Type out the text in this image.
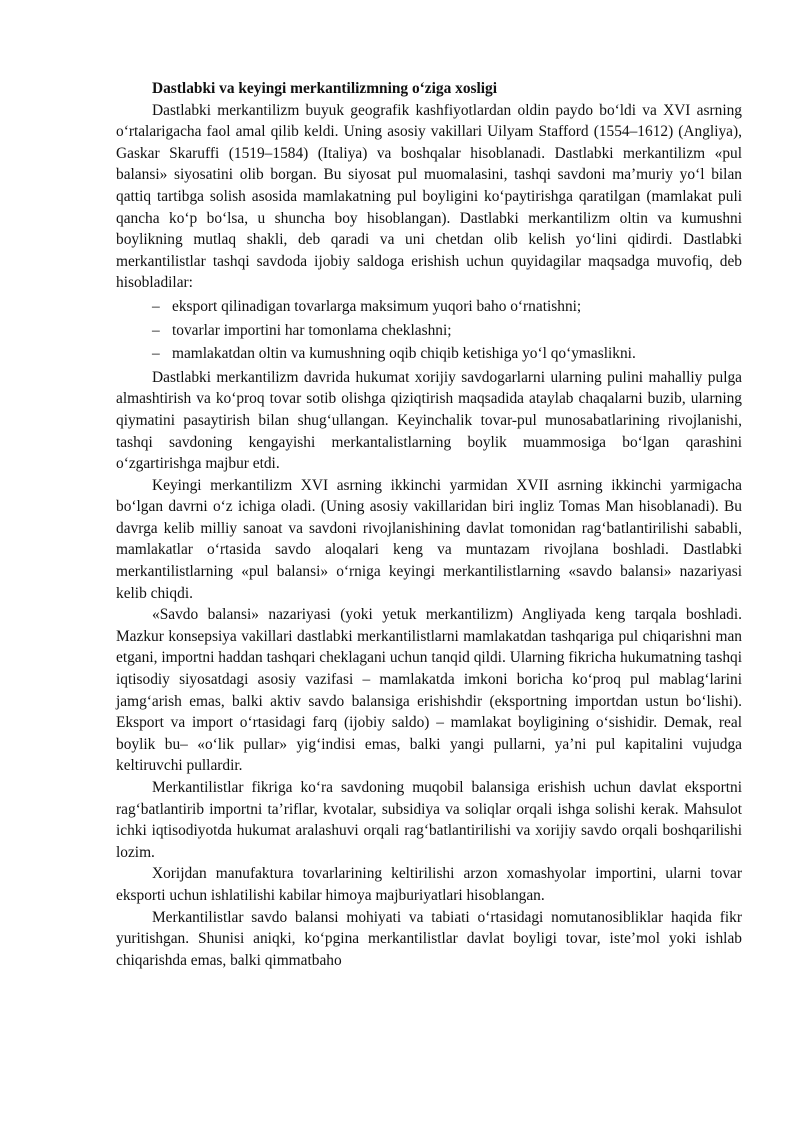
Dastlabki va keyingi merkantilizmning o‘ziga xosligi

Dastlabki merkantilizm buyuk geografik kashfiyotlardan oldin paydo bo‘ldi va XVI asrning o‘rtalarigacha faol amal qilib keldi. Uning asosiy vakillari Uilyam Stafford (1554–1612) (Angliya), Gaskar Skaruffi (1519–1584) (Italiya) va boshqalar hisoblanadi. Dastlabki merkantilizm «pul balansi» siyosatini olib borgan. Bu siyosat pul muomalasini, tashqi savdoni ma’muriy yo‘l bilan qattiq tartibga solish asosida mamlakatning pul boyligini ko‘paytirishga qaratilgan (mamlakat puli qancha ko‘p bo‘lsa, u shuncha boy hisoblangan). Dastlabki merkantilizm oltin va kumushni boylikning mutlaq shakli, deb qaradi va uni chetdan olib kelish yo‘lini qidirdi. Dastlabki merkantilistlar tashqi savdoda ijobiy saldoga erishish uchun quyidagilar maqsadga muvofiq, deb hisobladilar:

– eksport qilinadigan tovarlarga maksimum yuqori baho o‘rnatishni;
– tovarlar importini har tomonlama cheklashni;
– mamlakatdan oltin va kumushning oqib chiqib ketishiga yo‘l qo‘ymaslikni.

Dastlabki merkantilizm davrida hukumat xorijiy savdogarlarni ularning pulini mahalliy pulga almashtirish va ko‘proq tovar sotib olishga qiziqtirish maqsadida ataylab chaqalarni buzib, ularning qiymatini pasaytirish bilan shug‘ullangan. Keyinchalik tovar-pul munosabatlarining rivojlanishi, tashqi savdoning kengayishi merkantalistlarning boylik muammosiga bo‘lgan qarashini o‘zgartirishga majbur etdi.

Keyingi merkantilizm XVI asrning ikkinchi yarmidan XVII asrning ikkinchi yarmigacha bo‘lgan davrni o‘z ichiga oladi. (Uning asosiy vakillaridan biri ingliz Tomas Man hisoblanadi). Bu davrga kelib milliy sanoat va savdoni rivojlanishining davlat tomonidan rag‘batlantirilishi sababli, mamlakatlar o‘rtasida savdo aloqalari keng va muntazam rivojlana boshladi. Dastlabki merkantilistlarning «pul balansi» o‘rniga keyingi merkantilistlarning «savdo balansi» nazariyasi kelib chiqdi.

«Savdo balansi» nazariyasi (yoki yetuk merkantilizm) Angliyada keng tarqala boshladi. Mazkur konsepsiya vakillari dastlabki merkantilistlarni mamlakatdan tashqariga pul chiqarishni man etgani, importni haddan tashqari cheklagani uchun tanqid qildi. Ularning fikricha hukumatning tashqi iqtisodiy siyosatdagi asosiy vazifasi – mamlakatda imkoni boricha ko‘proq pul mablag‘larini jamg‘arish emas, balki aktiv savdo balansiga erishishdir (eksportning importdan ustun bo‘lishi). Eksport va import o‘rtasidagi farq (ijobiy saldo) – mamlakat boyligining o‘sishidir. Demak, real boylik bu– «o‘lik pullar» yig‘indisi emas, balki yangi pullarni, ya’ni pul kapitalini vujudga keltiruvchi pullardir.

Merkantilistlar fikriga ko‘ra savdoning muqobil balansiga erishish uchun davlat eksportni rag‘batlantirib importni ta’riflar, kvotalar, subsidiya va soliqlar orqali ishga solishi kerak. Mahsulot ichki iqtisodiyotda hukumat aralashuvi orqali rag‘batlantirilishi va xorijiy savdo orqali boshqarilishi lozim.

Xorijdan manufaktura tovarlarining keltirilishi arzon xomashyolar importini, ularni tovar eksporti uchun ishlatilishi kabilar himoya majburiyatlari hisoblangan.

Merkantilistlar savdo balansi mohiyati va tabiati o‘rtasidagi nomutanosibliklar haqida fikr yuritishgan. Shunisi aniqki, ko‘pgina merkantilistlar davlat boyligi tovar, iste’mol yoki ishlab chiqarishda emas, balki qimmatbaho
